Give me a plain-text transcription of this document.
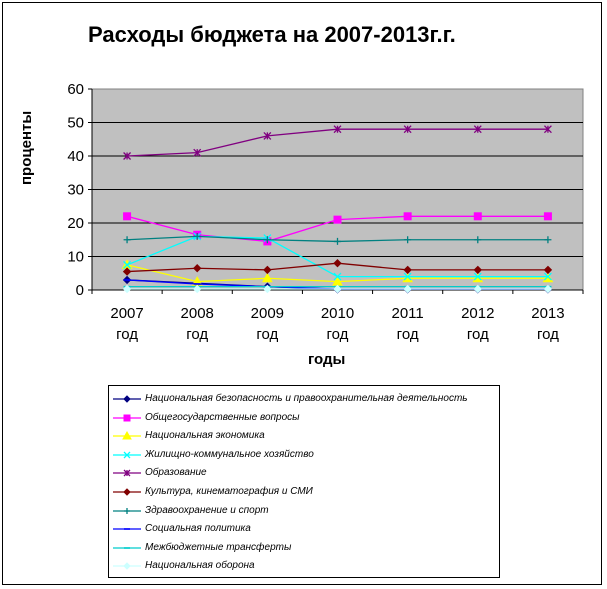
Расходы бюджета на 2007-2013г.г.
проценты
годы
0
10
20
30
40
50
60
2007
год
2008
год
2009
год
2010
год
2011
год
2012
год
2013
год
Национальная безопасность и правоохранительная деятельность
Общегосударственные вопросы
Национальная экономика
Жилищно-коммунальное хозяйство
Образование
Культура, кинематография и СМИ
Здравоохранение и спорт
Социальная политика
Межбюджетные трансферты
Национальная оборона
